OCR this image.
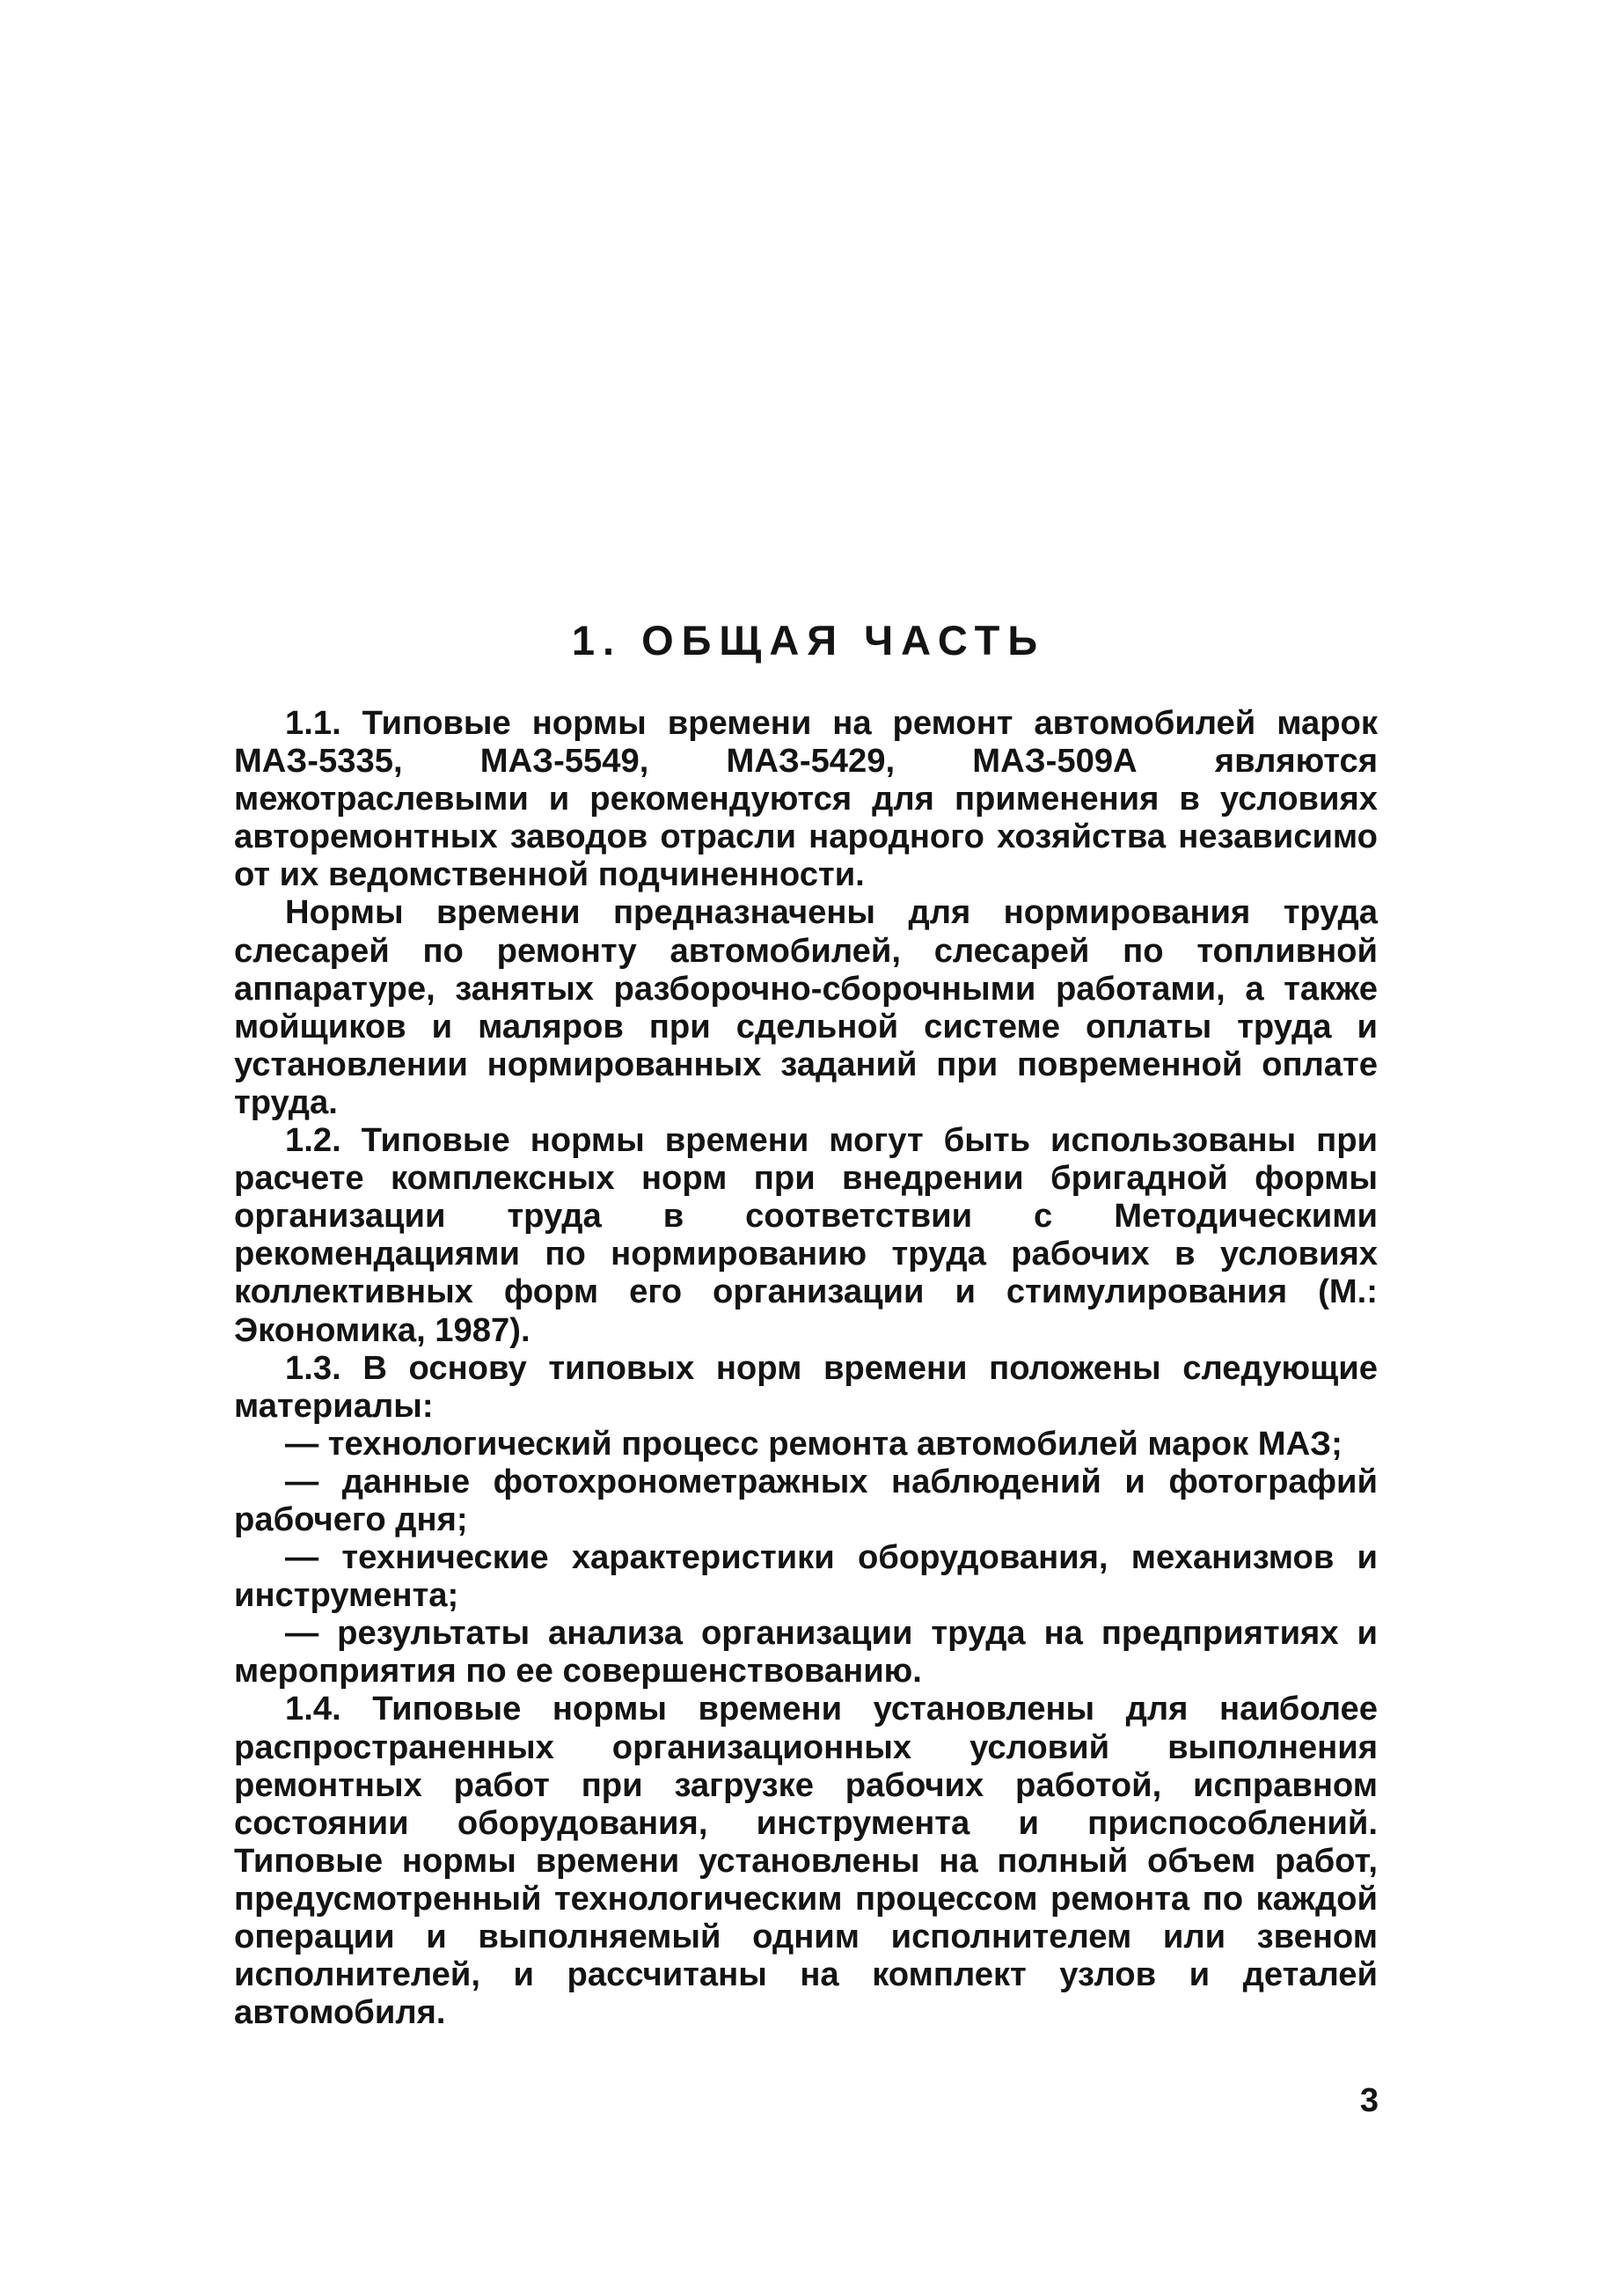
1. ОБЩАЯ ЧАСТЬ

1.1. Типовые нормы времени на ремонт автомобилей марок МАЗ-5335, МАЗ-5549, МАЗ-5429, МАЗ-509А являются межотраслевыми и рекомендуются для применения в условиях авторемонтных заводов отрасли народного хозяйства независимо от их ведомственной подчиненности.

Нормы времени предназначены для нормирования труда слесарей по ремонту автомобилей, слесарей по топливной аппаратуре, занятых разборочно-сборочными работами, а также мойщиков и маляров при сдельной системе оплаты труда и установлении нормированных заданий при повременной оплате труда.

1.2. Типовые нормы времени могут быть использованы при расчете комплексных норм при внедрении бригадной формы организации труда в соответствии с Методическими рекомендациями по нормированию труда рабочих в условиях коллективных форм его организации и стимулирования (М.: Экономика, 1987).

1.3. В основу типовых норм времени положены следующие материалы:

— технологический процесс ремонта автомобилей марок МАЗ;

— данные фотохронометражных наблюдений и фотографий рабочего дня;

— технические характеристики оборудования, механизмов и инструмента;

— результаты анализа организации труда на предприятиях и мероприятия по ее совершенствованию.

1.4. Типовые нормы времени установлены для наиболее распространенных организационных условий выполнения ремонтных работ при загрузке рабочих работой, исправном состоянии оборудования, инструмента и приспособлений. Типовые нормы времени установлены на полный объем работ, предусмотренный технологическим процессом ремонта по каждой операции и выполняемый одним исполнителем или звеном исполнителей, и рассчитаны на комплект узлов и деталей автомобиля.

3
